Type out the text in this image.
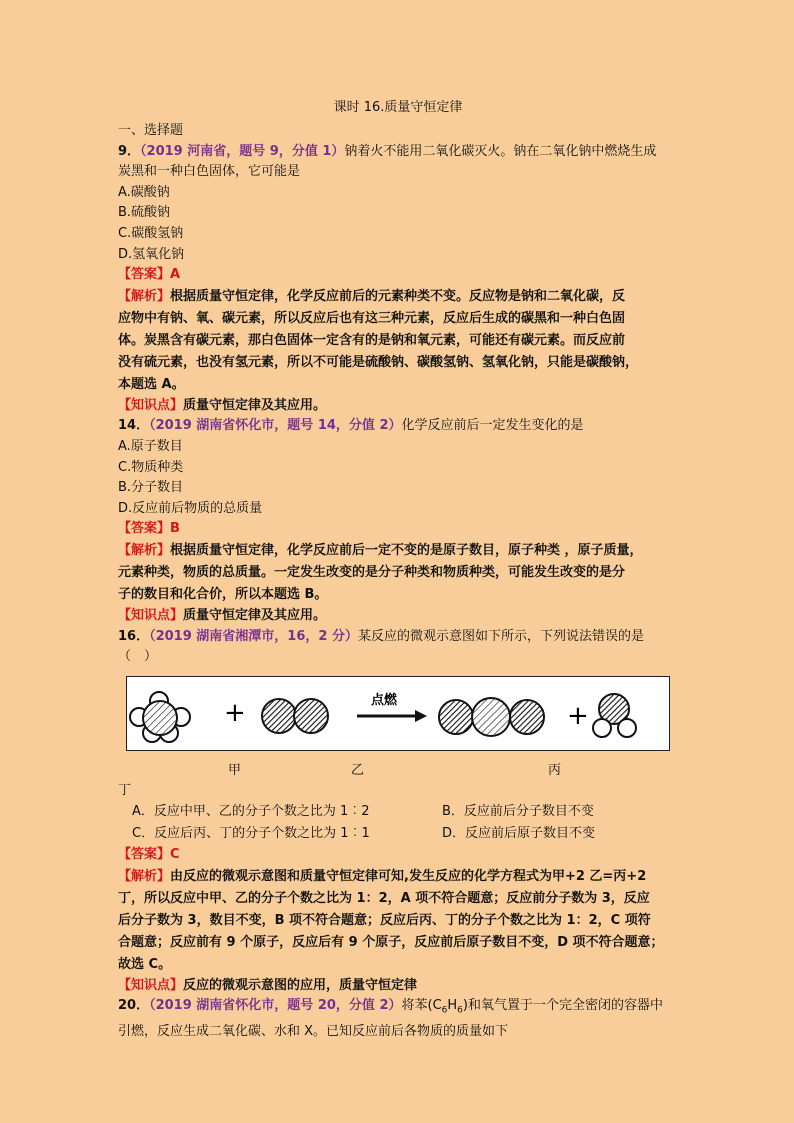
课时 16.质量守恒定律

一、选择题

9．（2019 河南省，题号 9，分值 1）钠着火不能用二氧化碳灭火。钠在二氧化钠中燃烧生成

炭黑和一种白色固体，它可能是

A.碳酸钠

B.硫酸钠

C.碳酸氢钠

D.氢氧化钠

【答案】A

【解析】根据质量守恒定律，化学反应前后的元素种类不变。反应物是钠和二氧化碳，反
应物中有钠、氧、碳元素，所以反应后也有这三种元素，反应后生成的碳黑和一种白色固
体。炭黑含有碳元素，那白色固体一定含有的是钠和氧元素，可能还有碳元素。而反应前
没有硫元素，也没有氢元素，所以不可能是硫酸钠、碳酸氢钠、氢氧化钠，只能是碳酸钠，
本题选 A。

【知识点】质量守恒定律及其应用。

14．（2019 湖南省怀化市，题号 14，分值 2）化学反应前后一定发生变化的是

A.原子数目

C.物质种类

B.分子数目

D.反应前后物质的总质量

【答案】B

【解析】根据质量守恒定律，化学反应前后一定不变的是原子数目，原子种类 ，原子质量，
元素种类，物质的总质量。一定发生改变的是分子种类和物质种类，可能发生改变的是分
子的数目和化合价，所以本题选 B。

【知识点】质量守恒定律及其应用。

16．（2019 湖南省湘潭市，16，2 分）某反应的微观示意图如下所示，下列说法错误的是

（　）

+	点燃
+
甲	乙	丙

丁

A．反应中甲、乙的分子个数之比为 1︰2	B．反应前后分子数目不变
C．反应后丙、丁的分子个数之比为 1︰1	D．反应前后原子数目不变

【答案】C

【解析】由反应的微观示意图和质量守恒定律可知,发生反应的化学方程式为甲+2 乙=丙+2
丁，所以反应中甲、乙的分子个数之比为 1：2，A 项不符合题意；反应前分子数为 3，反应
后分子数为 3，数目不变，B 项不符合题意；反应后丙、丁的分子个数之比为 1：2，C 项符
合题意；反应前有 9 个原子，反应后有 9 个原子，反应前后原子数目不变，D 项不符合题意；
故选 C。

【知识点】反应的微观示意图的应用，质量守恒定律

20．（2019 湖南省怀化市，题号 20，分值 2）将苯$(C_6H_6)$和氧气置于一个完全密闭的容器中

引燃，反应生成二氧化碳、水和 X。已知反应前后各物质的质量如下
